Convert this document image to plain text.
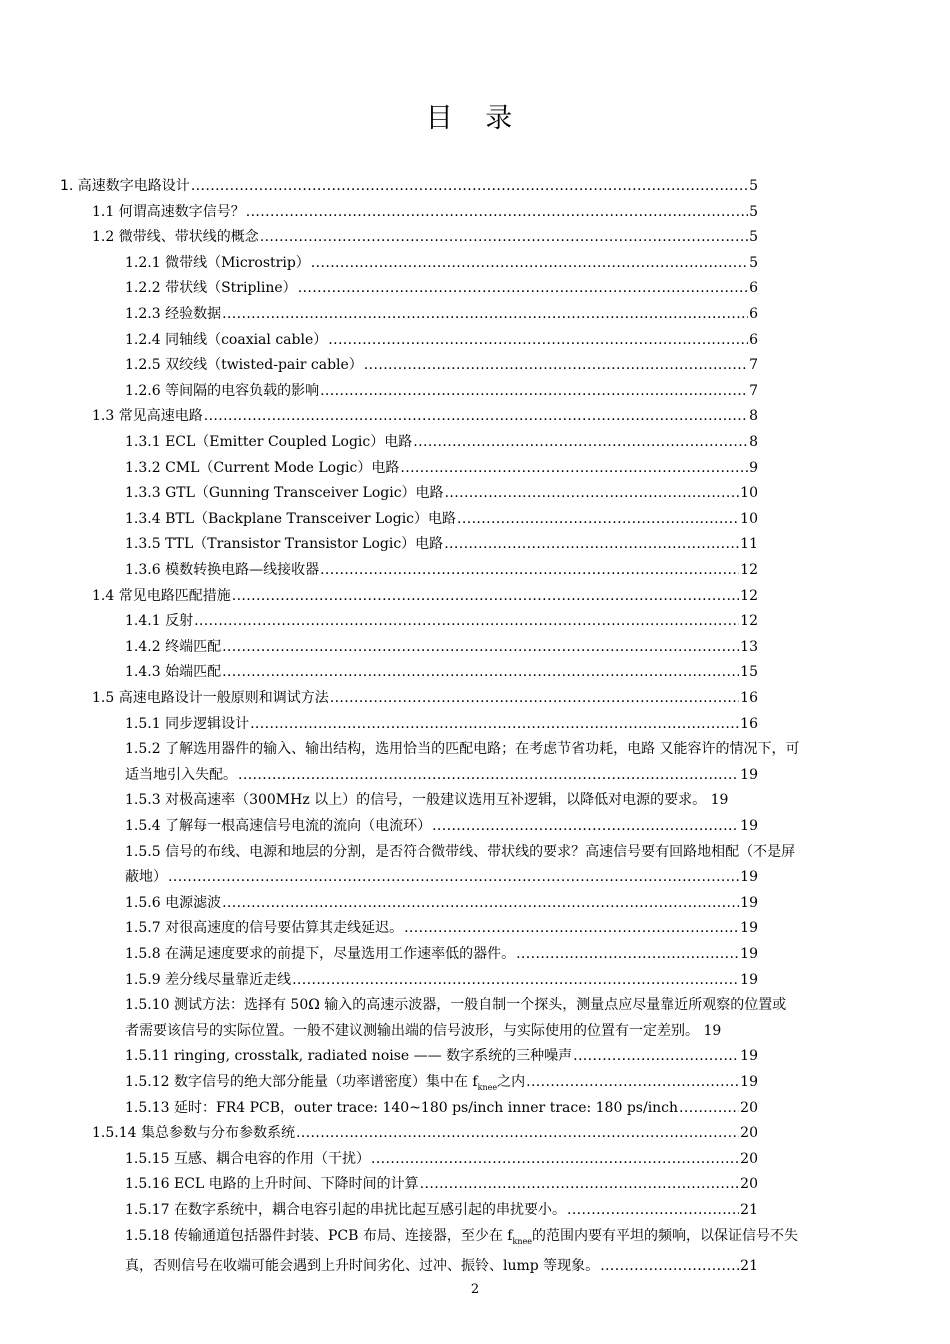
目 录
1. 高速数字电路设计 .....	5
1.1 何谓高速数字信号？ .....	5
1.2 微带线、带状线的概念 .....	5
1.2.1 微带线（Microstrip） .....	5
1.2.2 带状线（Stripline） .....	6
1.2.3 经验数据 .....	6
1.2.4 同轴线（coaxial cable） .....	6
1.2.5 双绞线（twisted-pair cable） .....	7
1.2.6 等间隔的电容负载的影响 .....	7
1.3 常见高速电路 .....	8
1.3.1 ECL（Emitter Coupled Logic）电路 .....	8
1.3.2 CML（Current Mode Logic）电路 .....	9
1.3.3 GTL（Gunning Transceiver Logic）电路 .....	10
1.3.4 BTL（Backplane Transceiver Logic）电路 .....	10
1.3.5 TTL（Transistor Transistor Logic）电路 .....	11
1.3.6 模数转换电路—线接收器 .....	12
1.4 常见电路匹配措施 .....	12
1.4.1 反射 .....	12
1.4.2 终端匹配 .....	13
1.4.3 始端匹配 .....	15
1.5 高速电路设计一般原则和调试方法 .....	16
1.5.1 同步逻辑设计 .....	16
1.5.2 了解选用器件的输入、输出结构，选用恰当的匹配电路；在考虑节省功耗，电路 又能容许的情况下，可
适当地引入失配。 .....	19
1.5.3 对极高速率（300MHz 以上）的信号，一般建议选用互补逻辑，以降低对电源的要求。 19
1.5.4 了解每一根高速信号电流的流向（电流环） .....	19
1.5.5 信号的布线、电源和地层的分割，是否符合微带线、带状线的要求？高速信号要有回路地相配（不是屏
蔽地） .....	19
1.5.6 电源滤波 .....	19
1.5.7 对很高速度的信号要估算其走线延迟。 .....	19
1.5.8 在满足速度要求的前提下，尽量选用工作速率低的器件。 .....	19
1.5.9 差分线尽量靠近走线 .....	19
1.5.10 测试方法：选择有 50Ω 输入的高速示波器，一般自制一个探头，测量点应尽量靠近所观察的位置或
者需要该信号的实际位置。一般不建议测输出端的信号波形，与实际使用的位置有一定差别。 19
1.5.11 ringing, crosstalk, radiated noise —— 数字系统的三种噪声 .....	19
1.5.12 数字信号的绝大部分能量（功率谱密度）集中在 $f_{knee}$之内 .....	19
1.5.13 延时：FR4 PCB，outer trace: 140~180 ps/inch inner trace: 180 ps/inch .....	20
1.5.14 集总参数与分布参数系统 .....	20
1.5.15 互感、耦合电容的作用（干扰） .....	20
1.5.16 ECL 电路的上升时间、下降时间的计算 .....	20
1.5.17 在数字系统中，耦合电容引起的串扰比起互感引起的串扰要小。 .....	21
1.5.18 传输通道包括器件封装、PCB 布局、连接器，至少在 $f_{knee}$的范围内要有平坦的频响，以保证信号不失
真，否则信号在收端可能会遇到上升时间劣化、过冲、振铃、lump 等现象。 .....	21
2
